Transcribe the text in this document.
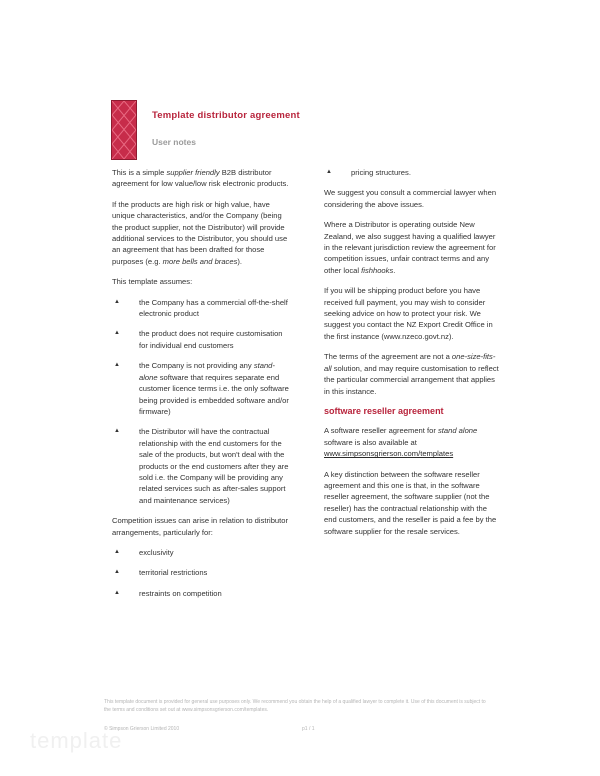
Template distributor agreement
User notes

This is a simple supplier friendly B2B distributor agreement for low value/low risk electronic products.

If the products are high risk or high value, have unique characteristics, and/or the Company (being the product supplier, not the Distributor) will provide additional services to the Distributor, you should use an agreement that has been drafted for those purposes (e.g. more bells and braces).

This template assumes:

▲	the Company has a commercial off-the-shelf electronic product
▲	the product does not require customisation for individual end customers
▲	the Company is not providing any stand-alone software that requires separate end customer licence terms i.e. the only software being provided is embedded software and/or firmware)
▲	the Distributor will have the contractual relationship with the end customers for the sale of the products, but won't deal with the products or the end customers after they are sold i.e. the Company will be providing any related services such as after-sales support and maintenance services)

Competition issues can arise in relation to distributor arrangements, particularly for:

▲	exclusivity
▲	territorial restrictions
▲	restraints on competition
▲	pricing structures.

We suggest you consult a commercial lawyer when considering the above issues.

Where a Distributor is operating outside New Zealand, we also suggest having a qualified lawyer in the relevant jurisdiction review the agreement for competition issues, unfair contract terms and any other local fishhooks.

If you will be shipping product before you have received full payment, you may wish to consider seeking advice on how to protect your risk. We suggest you contact the NZ Export Credit Office in the first instance (www.nzeco.govt.nz).

The terms of the agreement are not a one-size-fits-all solution, and may require customisation to reflect the particular commercial arrangement that applies in this instance.

software reseller agreement

A software reseller agreement for stand alone software is also available at
www.simpsonsgrierson.com/templates

A key distinction between the software reseller agreement and this one is that, in the software reseller agreement, the software supplier (not the reseller) has the contractual relationship with the end customers, and the reseller is paid a fee by the software supplier for the resale services.

This template document is provided for general use purposes only. We recommend you obtain the help of a qualified lawyer to complete it. Use of this document is subject to the terms and conditions set out at www.simpsonsgrierson.com/templates.
© Simpson Grierson Limited 2010	p1 / 1
template
